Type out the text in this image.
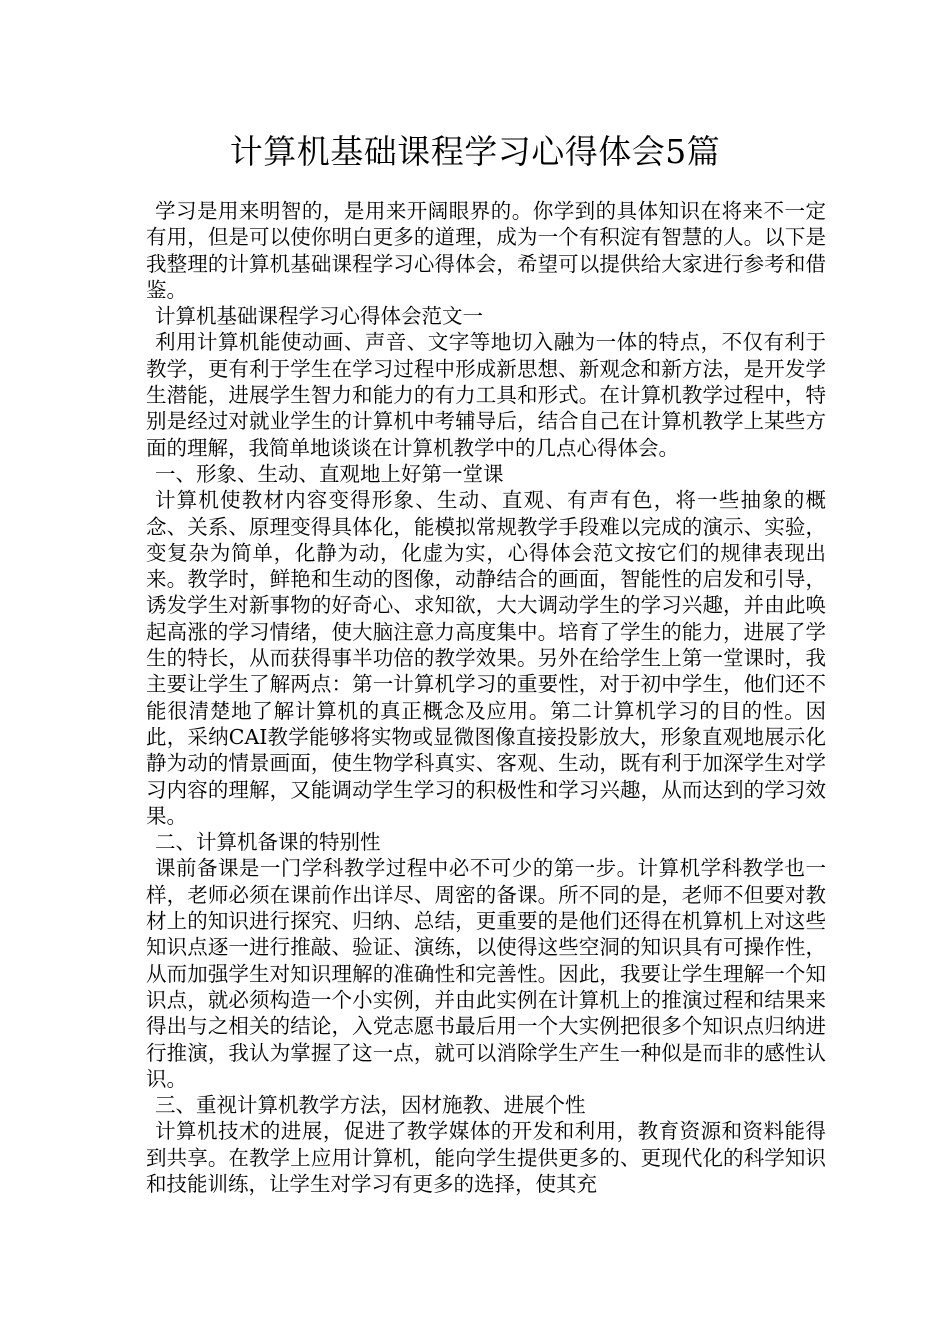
计算机基础课程学习心得体会5篇

学习是用来明智的，是用来开阔眼界的。你学到的具体知识在将来不一定有用，但是可以使你明白更多的道理，成为一个有积淀有智慧的人。以下是我整理的计算机基础课程学习心得体会，希望可以提供给大家进行参考和借鉴。

计算机基础课程学习心得体会范文一

利用计算机能使动画、声音、文字等地切入融为一体的特点，不仅有利于教学，更有利于学生在学习过程中形成新思想、新观念和新方法，是开发学生潜能，进展学生智力和能力的有力工具和形式。在计算机教学过程中，特别是经过对就业学生的计算机中考辅导后，结合自己在计算机教学上某些方面的理解，我简单地谈谈在计算机教学中的几点心得体会。

一、形象、生动、直观地上好第一堂课

计算机使教材内容变得形象、生动、直观、有声有色，将一些抽象的概念、关系、原理变得具体化，能模拟常规教学手段难以完成的演示、实验，变复杂为简单，化静为动，化虚为实，心得体会范文按它们的规律表现出来。教学时，鲜艳和生动的图像，动静结合的画面，智能性的启发和引导，诱发学生对新事物的好奇心、求知欲，大大调动学生的学习兴趣，并由此唤起高涨的学习情绪，使大脑注意力高度集中。培育了学生的能力，进展了学生的特长，从而获得事半功倍的教学效果。另外在给学生上第一堂课时，我主要让学生了解两点：第一计算机学习的重要性，对于初中学生，他们还不能很清楚地了解计算机的真正概念及应用。第二计算机学习的目的性。因此，采纳CAI教学能够将实物或显微图像直接投影放大，形象直观地展示化静为动的情景画面，使生物学科真实、客观、生动，既有利于加深学生对学习内容的理解，又能调动学生学习的积极性和学习兴趣，从而达到的学习效果。

二、计算机备课的特别性

课前备课是一门学科教学过程中必不可少的第一步。计算机学科教学也一样，老师必须在课前作出详尽、周密的备课。所不同的是，老师不但要对教材上的知识进行探究、归纳、总结，更重要的是他们还得在机算机上对这些知识点逐一进行推敲、验证、演练，以使得这些空洞的知识具有可操作性，从而加强学生对知识理解的准确性和完善性。因此，我要让学生理解一个知识点，就必须构造一个小实例，并由此实例在计算机上的推演过程和结果来得出与之相关的结论，入党志愿书最后用一个大实例把很多个知识点归纳进行推演，我认为掌握了这一点，就可以消除学生产生一种似是而非的感性认识。

三、重视计算机教学方法，因材施教、进展个性

计算机技术的进展，促进了教学媒体的开发和利用，教育资源和资料能得到共享。在教学上应用计算机，能向学生提供更多的、更现代化的科学知识和技能训练，让学生对学习有更多的选择，使其充
